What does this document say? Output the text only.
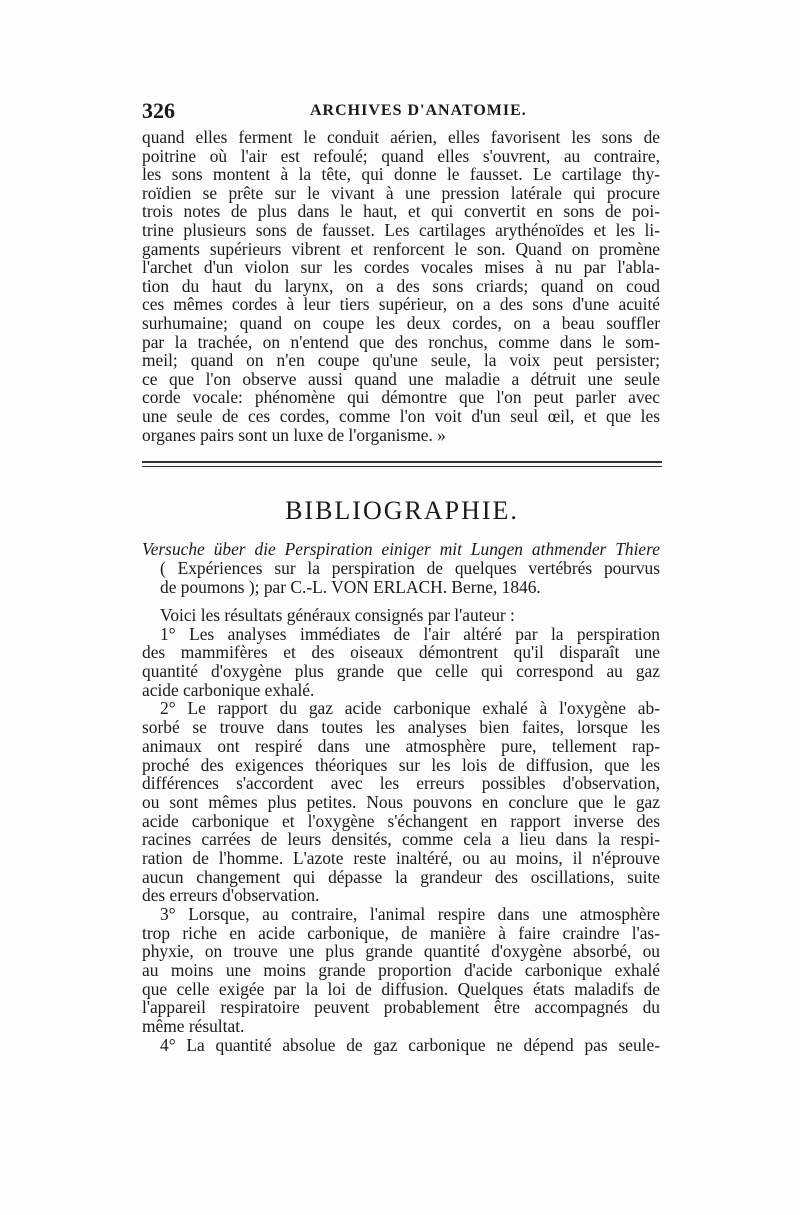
326	ARCHIVES D'ANATOMIE.
quand elles ferment le conduit aérien, elles favorisent les sons de
poitrine où l'air est refoulé; quand elles s'ouvrent, au contraire,
les sons montent à la tête, qui donne le fausset. Le cartilage thy-
roïdien se prête sur le vivant à une pression latérale qui procure
trois notes de plus dans le haut, et qui convertit en sons de poi-
trine plusieurs sons de fausset. Les cartilages arythénoïdes et les li-
gaments supérieurs vibrent et renforcent le son. Quand on promène
l'archet d'un violon sur les cordes vocales mises à nu par l'abla-
tion du haut du larynx, on a des sons criards; quand on coud
ces mêmes cordes à leur tiers supérieur, on a des sons d'une acuité
surhumaine; quand on coupe les deux cordes, on a beau souffler
par la trachée, on n'entend que des ronchus, comme dans le som-
meil; quand on n'en coupe qu'une seule, la voix peut persister;
ce que l'on observe aussi quand une maladie a détruit une seule
corde vocale: phénomène qui démontre que l'on peut parler avec
une seule de ces cordes, comme l'on voit d'un seul œil, et que les
organes pairs sont un luxe de l'organisme. »
BIBLIOGRAPHIE.
Versuche über die Perspiration einiger mit Lungen athmender Thiere
( Expériences sur la perspiration de quelques vertébrés pourvus
de poumons ); par C.-L. VON ERLACH. Berne, 1846.
Voici les résultats généraux consignés par l'auteur :
1° Les analyses immédiates de l'air altéré par la perspiration
des mammifères et des oiseaux démontrent qu'il disparaît une
quantité d'oxygène plus grande que celle qui correspond au gaz
acide carbonique exhalé.
2° Le rapport du gaz acide carbonique exhalé à l'oxygène ab-
sorbé se trouve dans toutes les analyses bien faites, lorsque les
animaux ont respiré dans une atmosphère pure, tellement rap-
proché des exigences théoriques sur les lois de diffusion, que les
différences s'accordent avec les erreurs possibles d'observation,
ou sont mêmes plus petites. Nous pouvons en conclure que le gaz
acide carbonique et l'oxygène s'échangent en rapport inverse des
racines carrées de leurs densités, comme cela a lieu dans la respi-
ration de l'homme. L'azote reste inaltéré, ou au moins, il n'éprouve
aucun changement qui dépasse la grandeur des oscillations, suite
des erreurs d'observation.
3° Lorsque, au contraire, l'animal respire dans une atmosphère
trop riche en acide carbonique, de manière à faire craindre l'as-
phyxie, on trouve une plus grande quantité d'oxygène absorbé, ou
au moins une moins grande proportion d'acide carbonique exhalé
que celle exigée par la loi de diffusion. Quelques états maladifs de
l'appareil respiratoire peuvent probablement être accompagnés du
même résultat.
4° La quantité absolue de gaz carbonique ne dépend pas seule-
